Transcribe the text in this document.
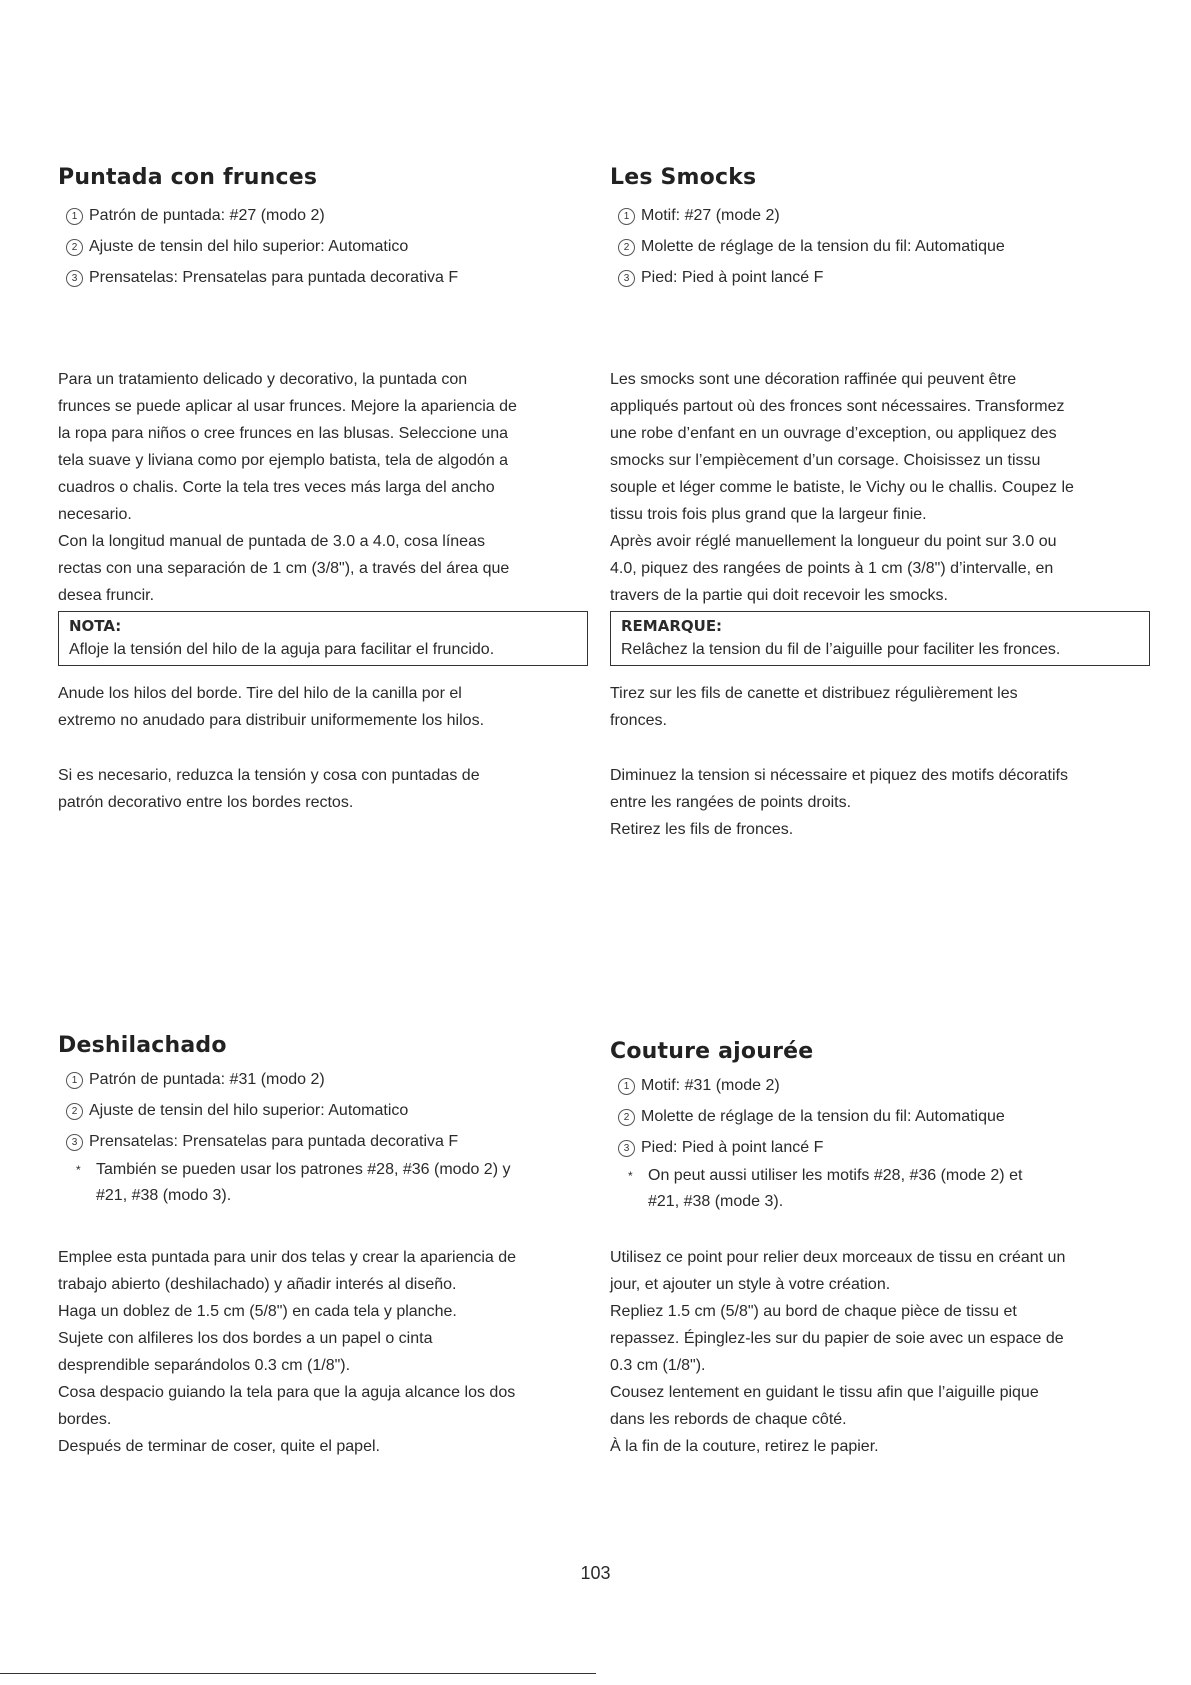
Puntada con frunces
1 Patrón de puntada: #27 (modo 2)
2 Ajuste de tensin del hilo superior: Automatico
3 Prensatelas: Prensatelas para puntada decorativa F
Para un tratamiento delicado y decorativo, la puntada con
frunces se puede aplicar al usar frunces. Mejore la apariencia de
la ropa para niños o cree frunces en las blusas. Seleccione una
tela suave y liviana como por ejemplo batista, tela de algodón a
cuadros o chalis. Corte la tela tres veces más larga del ancho
necesario.
Con la longitud manual de puntada de 3.0 a 4.0, cosa líneas
rectas con una separación de 1 cm (3/8"), a través del área que
desea fruncir.
NOTA:
Afloje la tensión del hilo de la aguja para facilitar el fruncido.
Anude los hilos del borde. Tire del hilo de la canilla por el
extremo no anudado para distribuir uniformemente los hilos.
Si es necesario, reduzca la tensión y cosa con puntadas de
patrón decorativo entre los bordes rectos.
Les Smocks
1 Motif: #27 (mode 2)
2 Molette de réglage de la tension du fil: Automatique
3 Pied: Pied à point lancé F
Les smocks sont une décoration raffinée qui peuvent être
appliqués partout où des fronces sont nécessaires. Transformez
une robe d’enfant en un ouvrage d’exception, ou appliquez des
smocks sur l’empiècement d’un corsage. Choisissez un tissu
souple et léger comme le batiste, le Vichy ou le challis. Coupez le
tissu trois fois plus grand que la largeur finie.
Après avoir réglé manuellement la longueur du point sur 3.0 ou
4.0, piquez des rangées de points à 1 cm (3/8") d’intervalle, en
travers de la partie qui doit recevoir les smocks.
REMARQUE:
Relâchez la tension du fil de l’aiguille pour faciliter les fronces.
Tirez sur les fils de canette et distribuez régulièrement les
fronces.
Diminuez la tension si nécessaire et piquez des motifs décoratifs
entre les rangées de points droits.
Retirez les fils de fronces.
Deshilachado
1 Patrón de puntada: #31 (modo 2)
2 Ajuste de tensin del hilo superior: Automatico
3 Prensatelas: Prensatelas para puntada decorativa F
* También se pueden usar los patrones #28, #36 (modo 2) y
#21, #38 (modo 3).
Emplee esta puntada para unir dos telas y crear la apariencia de
trabajo abierto (deshilachado) y añadir interés al diseño.
Haga un doblez de 1.5 cm (5/8") en cada tela y planche.
Sujete con alfileres los dos bordes a un papel o cinta
desprendible separándolos 0.3 cm (1/8").
Cosa despacio guiando la tela para que la aguja alcance los dos
bordes.
Después de terminar de coser, quite el papel.
Couture ajourée
1 Motif: #31 (mode 2)
2 Molette de réglage de la tension du fil: Automatique
3 Pied: Pied à point lancé F
* On peut aussi utiliser les motifs #28, #36 (mode 2) et
#21, #38 (mode 3).
Utilisez ce point pour relier deux morceaux de tissu en créant un
jour, et ajouter un style à votre création.
Repliez 1.5 cm (5/8") au bord de chaque pièce de tissu et
repassez. Épinglez-les sur du papier de soie avec un espace de
0.3 cm (1/8").
Cousez lentement en guidant le tissu afin que l’aiguille pique
dans les rebords de chaque côté.
À la fin de la couture, retirez le papier.
103
